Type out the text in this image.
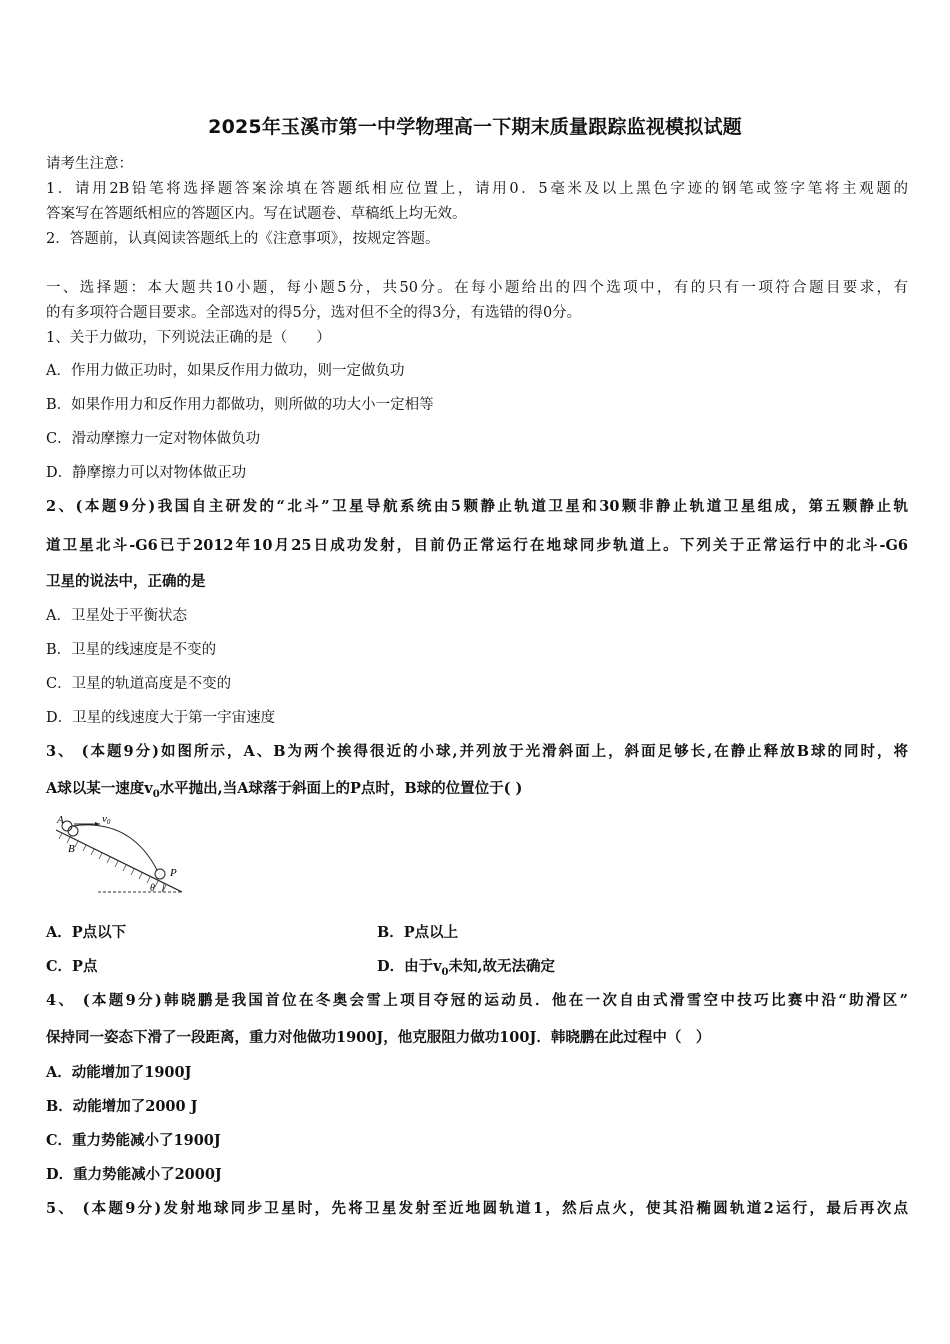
2025年玉溪市第一中学物理高一下期末质量跟踪监视模拟试题
请考生注意：
1．请用2B铅笔将选择题答案涂填在答题纸相应位置上，请用0．5毫米及以上黑色字迹的钢笔或签字笔将主观题的
答案写在答题纸相应的答题区内。写在试题卷、草稿纸上均无效。
2．答题前，认真阅读答题纸上的《注意事项》，按规定答题。
一、选择题：本大题共10小题，每小题5分，共50分。在每小题给出的四个选项中，有的只有一项符合题目要求，有
的有多项符合题目要求。全部选对的得5分，选对但不全的得3分，有选错的得0分。
1、关于力做功，下列说法正确的是（　　）
A．作用力做正功时，如果反作用力做功，则一定做负功
B．如果作用力和反作用力都做功，则所做的功大小一定相等
C．滑动摩擦力一定对物体做负功
D．静摩擦力可以对物体做正功
2、(本题9分)我国自主研发的“北斗”卫星导航系统由5颗静止轨道卫星和30颗非静止轨道卫星组成，第五颗静止轨
道卫星北斗-G6已于2012年10月25日成功发射，目前仍正常运行在地球同步轨道上。下列关于正常运行中的北斗-G6
卫星的说法中，正确的是
A．卫星处于平衡状态
B．卫星的线速度是不变的
C．卫星的轨道高度是不变的
D．卫星的线速度大于第一宇宙速度
3、 (本题9分)如图所示，A、B为两个挨得很近的小球,并列放于光滑斜面上，斜面足够长,在静止释放B球的同时，将
A球以某一速度$v_0$水平抛出,当A球落于斜面上的P点时，B球的位置位于( )
A
B
v0
P
θ
A．P点以下	B．P点以上
C．P点	D．由于$v_0$未知,故无法确定
4、 (本题9分)韩晓鹏是我国首位在冬奥会雪上项目夺冠的运动员．他在一次自由式滑雪空中技巧比赛中沿“助滑区”
保持同一姿态下滑了一段距离，重力对他做功1900J，他克服阻力做功100J．韩晓鹏在此过程中（　）
A．动能增加了1900J
B．动能增加了2000 J
C．重力势能减小了1900J
D．重力势能减小了2000J
5、 (本题9分)发射地球同步卫星时，先将卫星发射至近地圆轨道1，然后点火，使其沿椭圆轨道2运行，最后再次点
